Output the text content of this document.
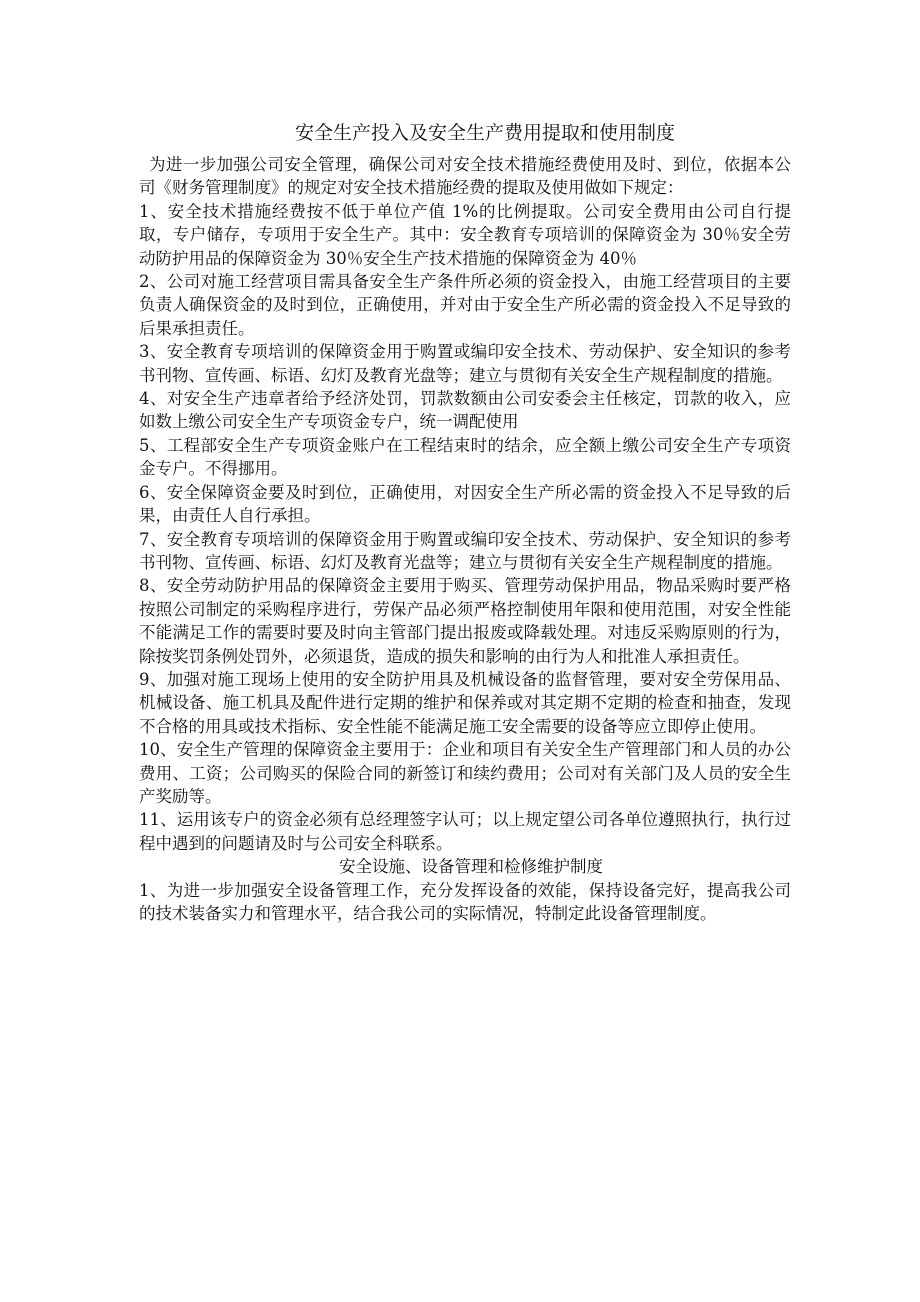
安全生产投入及安全生产费用提取和使用制度

为进一步加强公司安全管理，确保公司对安全技术措施经费使用及时、到位，依据本公司《财务管理制度》的规定对安全技术措施经费的提取及使用做如下规定：

1、安全技术措施经费按不低于单位产值 1%的比例提取。公司安全费用由公司自行提取，专户储存，专项用于安全生产。其中：安全教育专项培训的保障资金为 30％安全劳动防护用品的保障资金为 30％安全生产技术措施的保障资金为 40％

2、公司对施工经营项目需具备安全生产条件所必须的资金投入，由施工经营项目的主要负责人确保资金的及时到位，正确使用，并对由于安全生产所必需的资金投入不足导致的后果承担责任。

3、安全教育专项培训的保障资金用于购置或编印安全技术、劳动保护、安全知识的参考书刊物、宣传画、标语、幻灯及教育光盘等；建立与贯彻有关安全生产规程制度的措施。

4、对安全生产违章者给予经济处罚，罚款数额由公司安委会主任核定，罚款的收入，应如数上缴公司安全生产专项资金专户，统一调配使用

5、工程部安全生产专项资金账户在工程结束时的结余，应全额上缴公司安全生产专项资金专户。不得挪用。

6、安全保障资金要及时到位，正确使用，对因安全生产所必需的资金投入不足导致的后果，由责任人自行承担。

7、安全教育专项培训的保障资金用于购置或编印安全技术、劳动保护、安全知识的参考书刊物、宣传画、标语、幻灯及教育光盘等；建立与贯彻有关安全生产规程制度的措施。

8、安全劳动防护用品的保障资金主要用于购买、管理劳动保护用品，物品采购时要严格按照公司制定的采购程序进行，劳保产品必须严格控制使用年限和使用范围，对安全性能不能满足工作的需要时要及时向主管部门提出报废或降载处理。对违反采购原则的行为，除按奖罚条例处罚外，必须退货，造成的损失和影响的由行为人和批准人承担责任。

9、加强对施工现场上使用的安全防护用具及机械设备的监督管理，要对安全劳保用品、机械设备、施工机具及配件进行定期的维护和保养或对其定期不定期的检查和抽查，发现不合格的用具或技术指标、安全性能不能满足施工安全需要的设备等应立即停止使用。

10、安全生产管理的保障资金主要用于：企业和项目有关安全生产管理部门和人员的办公费用、工资；公司购买的保险合同的新签订和续约费用；公司对有关部门及人员的安全生产奖励等。

11、运用该专户的资金必须有总经理签字认可；以上规定望公司各单位遵照执行，执行过程中遇到的问题请及时与公司安全科联系。

安全设施、设备管理和检修维护制度

1、为进一步加强安全设备管理工作，充分发挥设备的效能，保持设备完好，提高我公司的技术装备实力和管理水平，结合我公司的实际情况，特制定此设备管理制度。
